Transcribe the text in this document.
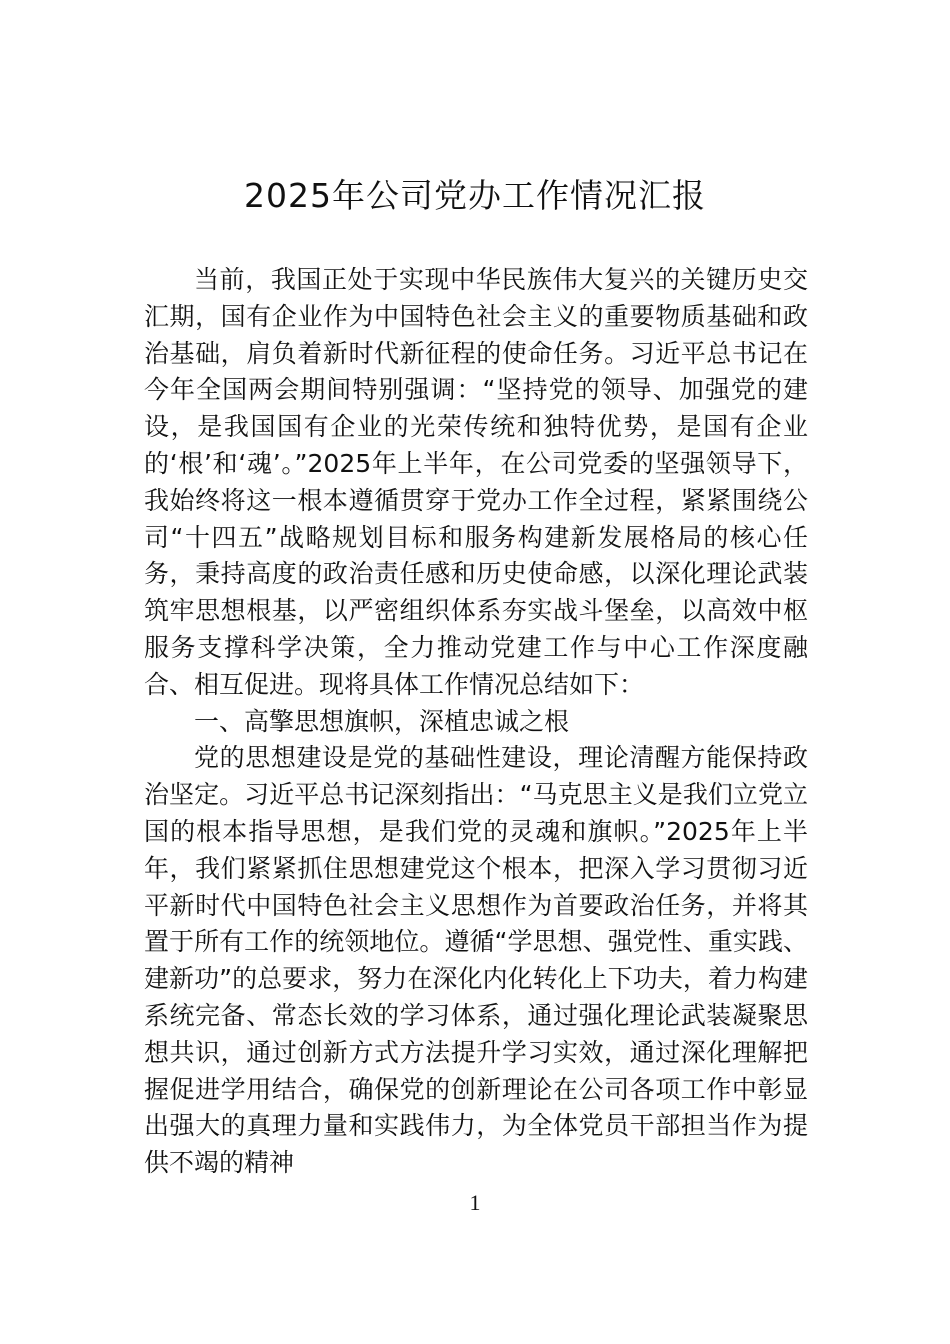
2025年公司党办工作情况汇报

当前，我国正处于实现中华民族伟大复兴的关键历史交汇期，国有企业作为中国特色社会主义的重要物质基础和政治基础，肩负着新时代新征程的使命任务。习近平总书记在今年全国两会期间特别强调：“坚持党的领导、加强党的建设，是我国国有企业的光荣传统和独特优势，是国有企业的‘根’和‘魂’。”2025年上半年，在公司党委的坚强领导下，我始终将这一根本遵循贯穿于党办工作全过程，紧紧围绕公司“十四五”战略规划目标和服务构建新发展格局的核心任务，秉持高度的政治责任感和历史使命感，以深化理论武装筑牢思想根基，以严密组织体系夯实战斗堡垒，以高效中枢服务支撑科学决策，全力推动党建工作与中心工作深度融合、相互促进。现将具体工作情况总结如下：

一、高擎思想旗帜，深植忠诚之根

党的思想建设是党的基础性建设，理论清醒方能保持政治坚定。习近平总书记深刻指出：“马克思主义是我们立党立国的根本指导思想，是我们党的灵魂和旗帜。”2025年上半年，我们紧紧抓住思想建党这个根本，把深入学习贯彻习近平新时代中国特色社会主义思想作为首要政治任务，并将其置于所有工作的统领地位。遵循“学思想、强党性、重实践、建新功”的总要求，努力在深化内化转化上下功夫，着力构建系统完备、常态长效的学习体系，通过强化理论武装凝聚思想共识，通过创新方式方法提升学习实效，通过深化理解把握促进学用结合，确保党的创新理论在公司各项工作中彰显出强大的真理力量和实践伟力，为全体党员干部担当作为提供不竭的精神

1
